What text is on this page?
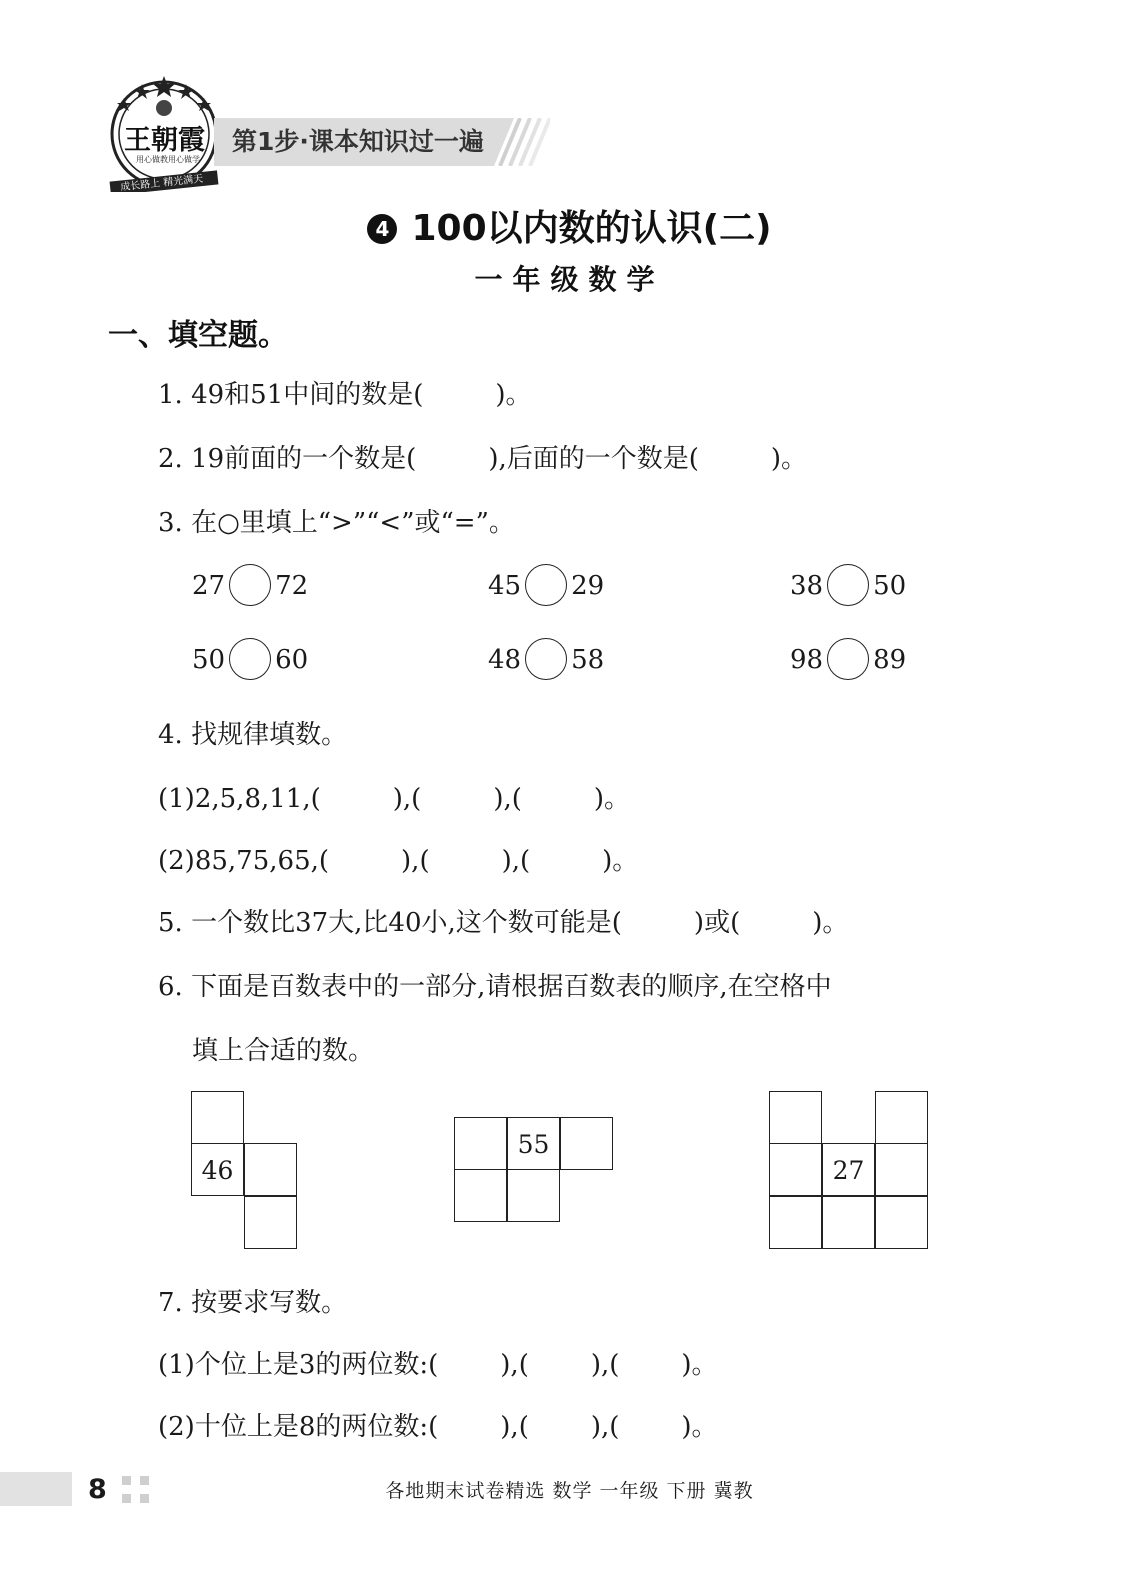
王朝霞
用心做教 用心做学
成长路上 精光满天
第1步·课本知识过一遍
4 100以内数的认识(二)
一年级数学
一、填空题。
1. 49和51中间的数是(	)。
2. 19前面的一个数是(	),后面的一个数是(	)。
3. 在○里填上“>”“<”或“=”。
27 72	45 29	38 50
50 60	48 58	98 89
4. 找规律填数。
(1)2,5,8,11,(	),(	),(	)。
(2)85,75,65,(	),(	),(	)。
5. 一个数比37大,比40小,这个数可能是(	)或(	)。
6. 下面是百数表中的一部分,请根据百数表的顺序,在空格中
填上合适的数。
46
55
27
7. 按要求写数。
(1)个位上是3的两位数:( ),( ),( )。
(2)十位上是8的两位数:( ),( ),( )。
8	各地期末试卷精选 数学 一年级 下册 冀教
